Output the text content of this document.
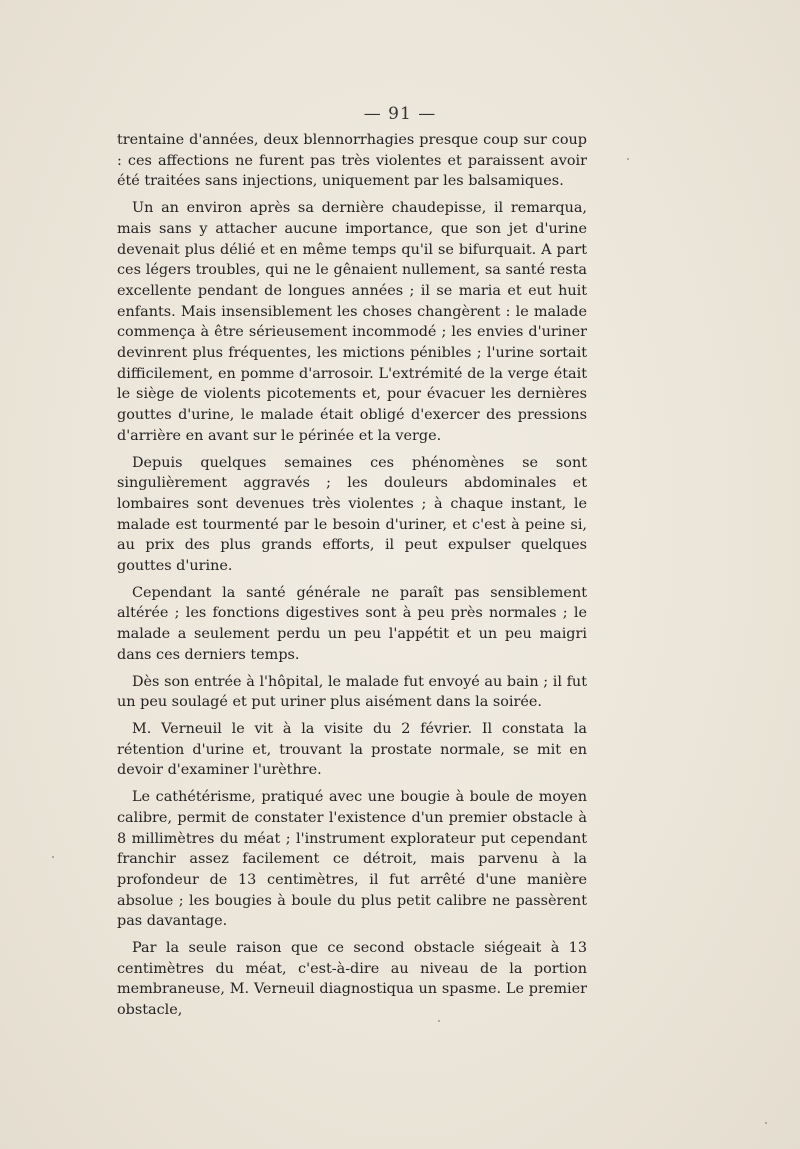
— 91 —

trentaine d'années, deux blennorrhagies presque coup sur coup : ces affections ne furent pas très violentes et paraissent avoir été traitées sans injections, uniquement par les balsamiques.

Un an environ après sa dernière chaudepisse, il remarqua, mais sans y attacher aucune importance, que son jet d'urine devenait plus délié et en même temps qu'il se bifurquait. A part ces légers troubles, qui ne le gênaient nullement, sa santé resta excellente pendant de longues années ; il se maria et eut huit enfants. Mais insensiblement les choses changèrent : le malade commença à être sérieusement incommodé ; les envies d'uriner devinrent plus fréquentes, les mictions pénibles ; l'urine sortait difficilement, en pomme d'arrosoir. L'extrémité de la verge était le siège de violents picotements et, pour évacuer les dernières gouttes d'urine, le malade était obligé d'exercer des pressions d'arrière en avant sur le périnée et la verge.

Depuis quelques semaines ces phénomènes se sont singulièrement aggravés ; les douleurs abdominales et lombaires sont devenues très violentes ; à chaque instant, le malade est tourmenté par le besoin d'uriner, et c'est à peine si, au prix des plus grands efforts, il peut expulser quelques gouttes d'urine.

Cependant la santé générale ne paraît pas sensiblement altérée ; les fonctions digestives sont à peu près normales ; le malade a seulement perdu un peu l'appétit et un peu maigri dans ces derniers temps.

Dès son entrée à l'hôpital, le malade fut envoyé au bain ; il fut un peu soulagé et put uriner plus aisément dans la soirée.

M. Verneuil le vit à la visite du 2 février. Il constata la rétention d'urine et, trouvant la prostate normale, se mit en devoir d'examiner l'urèthre.

Le cathétérisme, pratiqué avec une bougie à boule de moyen calibre, permit de constater l'existence d'un premier obstacle à 8 millimètres du méat ; l'instrument explorateur put cependant franchir assez facilement ce détroit, mais parvenu à la profondeur de 13 centimètres, il fut arrêté d'une manière absolue ; les bougies à boule du plus petit calibre ne passèrent pas davantage.

Par la seule raison que ce second obstacle siégeait à 13 centimètres du méat, c'est-à-dire au niveau de la portion membraneuse, M. Verneuil diagnostiqua un spasme. Le premier obstacle,
